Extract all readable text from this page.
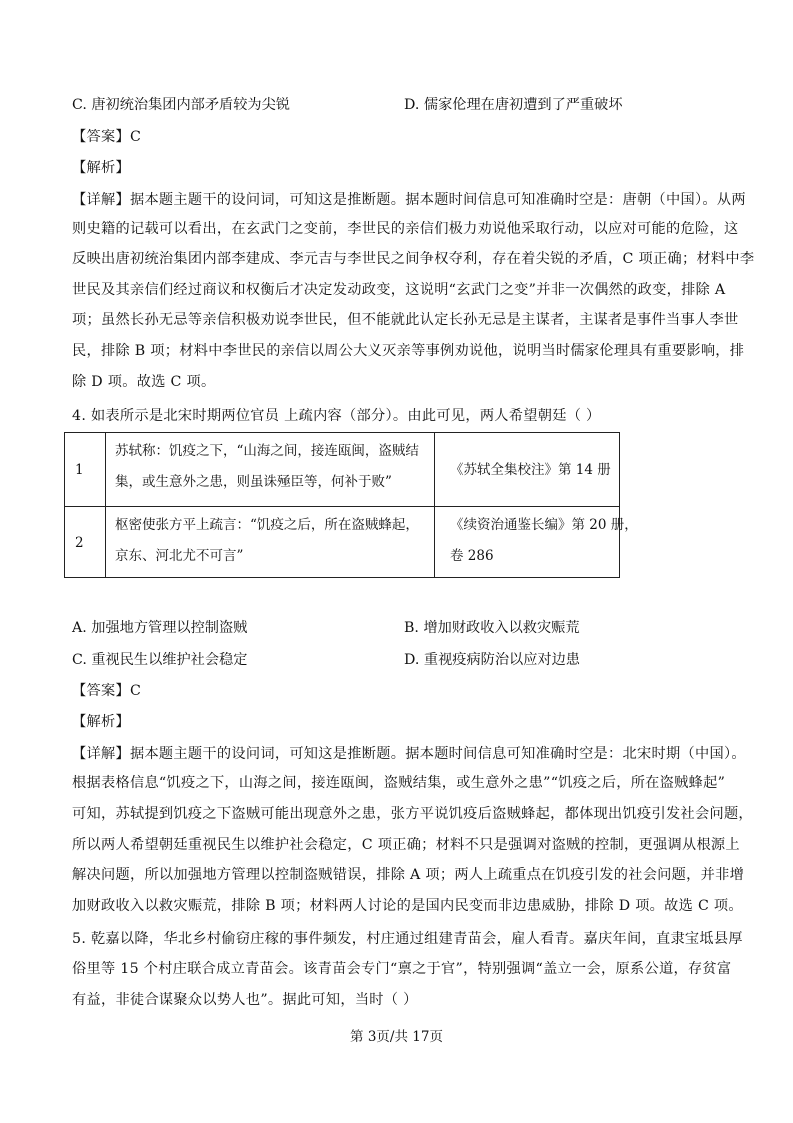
C. 唐初统治集团内部矛盾较为尖锐	D. 儒家伦理在唐初遭到了严重破坏
【答案】C
【解析】
【详解】据本题主题干的设问词，可知这是推断题。据本题时间信息可知准确时空是：唐朝（中国）。从两
则史籍的记载可以看出，在玄武门之变前，李世民的亲信们极力劝说他采取行动，以应对可能的危险，这
反映出唐初统治集团内部李建成、李元吉与李世民之间争权夺利，存在着尖锐的矛盾，C 项正确；材料中李
世民及其亲信们经过商议和权衡后才决定发动政变，这说明“玄武门之变”并非一次偶然的政变，排除 A
项；虽然长孙无忌等亲信积极劝说李世民，但不能就此认定长孙无忌是主谋者，主谋者是事件当事人李世
民，排除 B 项；材料中李世民的亲信以周公大义灭亲等事例劝说他，说明当时儒家伦理具有重要影响，排
除 D 项。故选 C 项。
4. 如表所示是北宋时期两位官员 上疏内容（部分）。由此可见，两人希望朝廷（ ）
1
苏轼称：饥疫之下，“山海之间，接连瓯闽，盗贼结
集，或生意外之患，则虽诛殛臣等，何补于败”
《苏轼全集校注》第 14 册
2
枢密使张方平上疏言：“饥疫之后，所在盗贼蜂起，
京东、河北尤不可言”
《续资治通鉴长编》第 20 册，
卷 286
A. 加强地方管理以控制盗贼	B. 增加财政收入以救灾赈荒
C. 重视民生以维护社会稳定	D. 重视疫病防治以应对边患
【答案】C
【解析】
【详解】据本题主题干的设问词，可知这是推断题。据本题时间信息可知准确时空是：北宋时期（中国）。
根据表格信息“饥疫之下，山海之间，接连瓯闽，盗贼结集，或生意外之患”“饥疫之后，所在盗贼蜂起”
可知，苏轼提到饥疫之下盗贼可能出现意外之患，张方平说饥疫后盗贼蜂起，都体现出饥疫引发社会问题，
所以两人希望朝廷重视民生以维护社会稳定，C 项正确；材料不只是强调对盗贼的控制，更强调从根源上
解决问题，所以加强地方管理以控制盗贼错误，排除 A 项；两人上疏重点在饥疫引发的社会问题，并非增
加财政收入以救灾赈荒，排除 B 项；材料两人讨论的是国内民变而非边患威胁，排除 D 项。故选 C 项。
5. 乾嘉以降，华北乡村偷窃庄稼的事件频发，村庄通过组建青苗会，雇人看青。嘉庆年间，直隶宝坻县厚
俗里等 15 个村庄联合成立青苗会。该青苗会专门“禀之于官”，特别强调“盖立一会，原系公道，存贫富
有益，非徒合谋聚众以势人也”。据此可知，当时（ ）
第 3页/共 17页
